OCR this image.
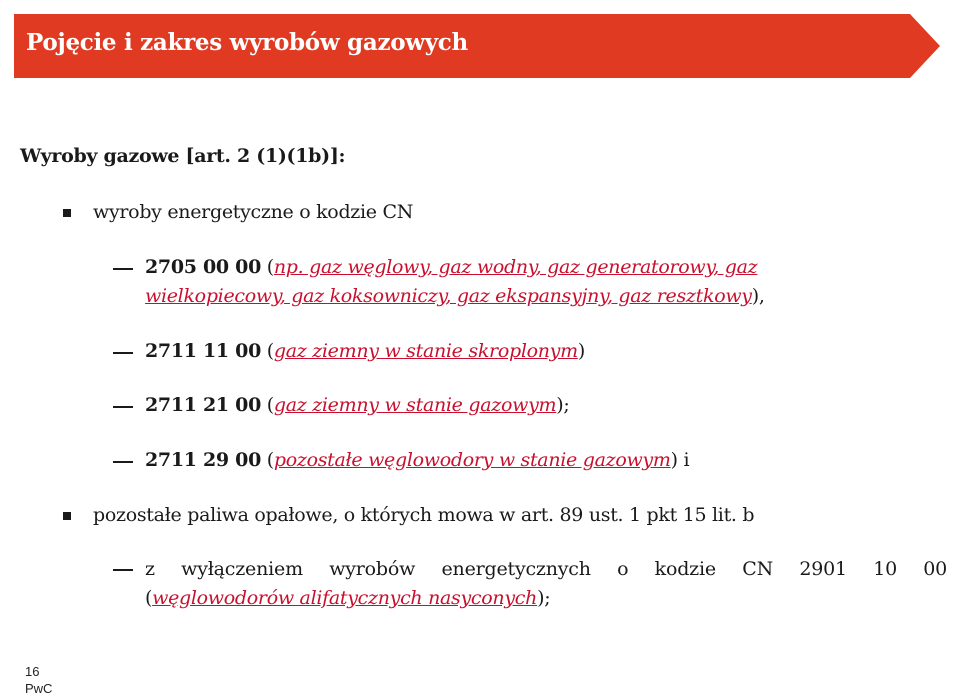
Pojęcie i zakres wyrobów gazowych
Wyroby gazowe [art. 2 (1)(1b)]:
wyroby energetyczne o kodzie CN
2705 00 00 (np. gaz węglowy, gaz wodny, gaz generatorowy, gaz
wielkopiecowy, gaz koksowniczy, gaz ekspansyjny, gaz resztkowy),
2711 11 00 (gaz ziemny w stanie skroplonym)
2711 21 00 (gaz ziemny w stanie gazowym);
2711 29 00 (pozostałe węglowodory w stanie gazowym) i
pozostałe paliwa opałowe, o których mowa w art. 89 ust. 1 pkt 15 lit. b
z wyłączeniem wyrobów energetycznych o kodzie CN 2901 10 00
(węglowodorów alifatycznych nasyconych);
16
PwC
